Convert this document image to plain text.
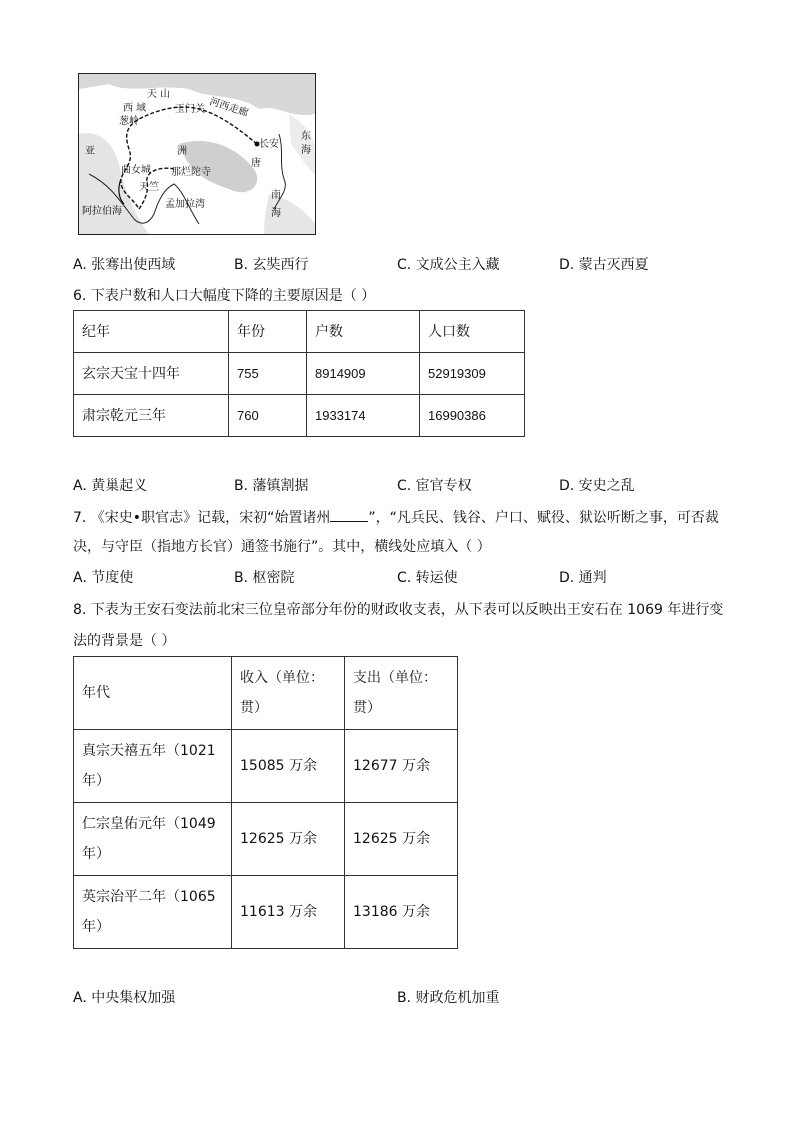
天 山
西 域	玉门关 河西走廊
葱岭
亚	洲
长安
唐
东
海
曲女城 那烂陀寺
天竺
南
海
阿拉伯海
孟加拉湾
A. 张骞出使西域	B. 玄奘西行	C. 文成公主入藏	D. 蒙古灭西夏
6. 下表户数和人口大幅度下降的主要原因是（ ）
纪年	年份	户数	人口数
玄宗天宝十四年	755	8914909	52919309
肃宗乾元三年	760	1933174	16990386
A. 黄巢起义	B. 藩镇割据	C. 宦官专权	D. 安史之乱
7. 《宋史•职官志》记载，宋初“始置诸州	”，“凡兵民、钱谷、户口、赋役、狱讼听断之事，可否裁
决，与守臣（指地方长官）通签书施行”。其中，横线处应填入（ ）
A. 节度使	B. 枢密院	C. 转运使	D. 通判
8. 下表为王安石变法前北宋三位皇帝部分年份的财政收支表，从下表可以反映出王安石在 1069 年进行变
法的背景是（ ）
年代	收入（单位：贯）	支出（单位：贯）
真宗天禧五年（1021年）	15085 万余	12677 万余
仁宗皇佑元年（1049年）	12625 万余	12625 万余
英宗治平二年（1065年）	11613 万余	13186 万余
A. 中央集权加强	B. 财政危机加重
